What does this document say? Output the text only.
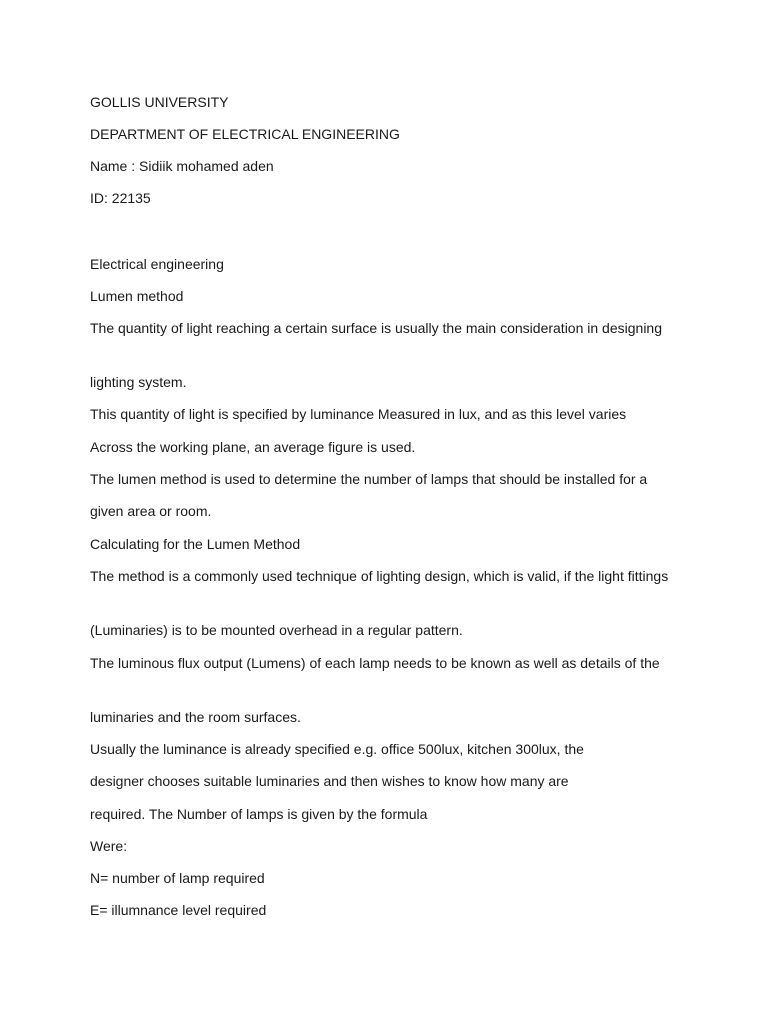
GOLLIS UNIVERSITY

DEPARTMENT OF ELECTRICAL ENGINEERING

Name : Sidiik mohamed aden

ID: 22135

Electrical engineering

Lumen method

The quantity of light reaching a certain surface is usually the main consideration in designing

lighting system.

This quantity of light is specified by luminance Measured in lux, and as this level varies

Across the working plane, an average figure is used.

The lumen method is used to determine the number of lamps that should be installed for a

given area or room.

Calculating for the Lumen Method

The method is a commonly used technique of lighting design, which is valid, if the light fittings

(Luminaries) is to be mounted overhead in a regular pattern.

The luminous flux output (Lumens) of each lamp needs to be known as well as details of the

luminaries and the room surfaces.

Usually the luminance is already specified e.g. office 500lux, kitchen 300lux, the

designer chooses suitable luminaries and then wishes to know how many are

required. The Number of lamps is given by the formula

Were:

N= number of lamp required

E= illumnance level required
